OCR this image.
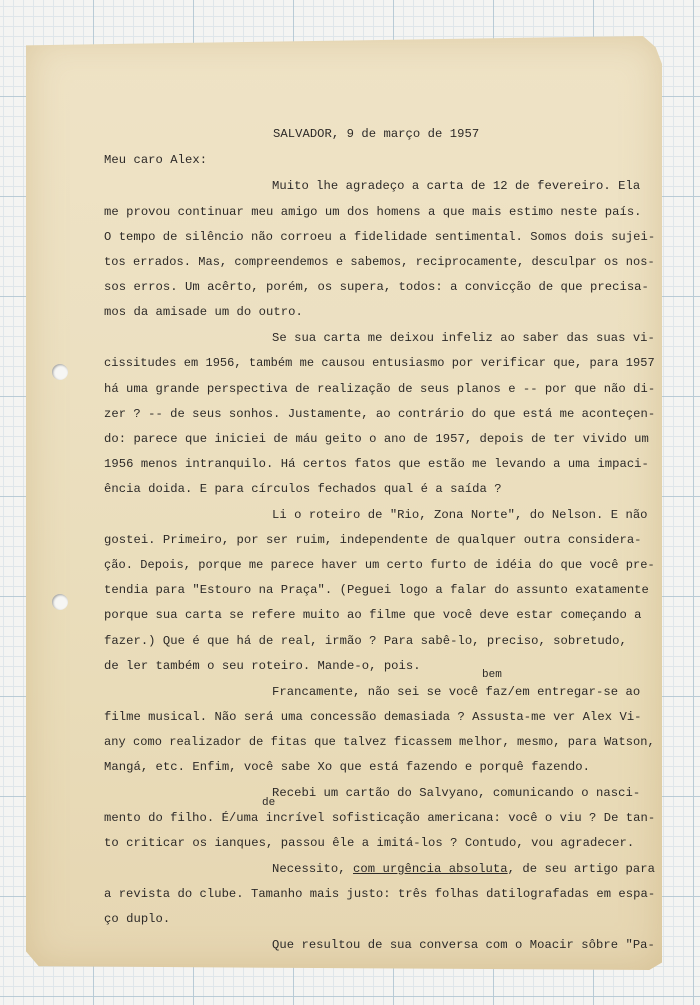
SALVADOR, 9 de março de 1957

Meu caro Alex:

Muito lhe agradeço a carta de 12 de fevereiro. Ela

me provou continuar meu amigo um dos homens a que mais estimo neste país.

O tempo de silêncio não corroeu a fidelidade sentimental. Somos dois sujei-

tos errados. Mas, compreendemos e sabemos, reciprocamente, desculpar os nos-

sos erros. Um acêrto, porém, os supera, todos: a convicção de que precisa-

mos da amisade um do outro.

Se sua carta me deixou infeliz ao saber das suas vi-

cissitudes em 1956, também me causou entusiasmo por verificar que, para 1957

há uma grande perspectiva de realização de seus planos e -- por que não di-

zer ? -- de seus sonhos. Justamente, ao contrário do que está me aconteçen-

do: parece que iniciei de máu geito o ano de 1957, depois de ter vivido um

1956 menos intranquilo. Há certos fatos que estão me levando a uma impaci-

ência doida. E para círculos fechados qual é a saída ?

Li o roteiro de "Rio, Zona Norte", do Nelson. E não

gostei. Primeiro, por ser ruim, independente de qualquer outra considera-

ção. Depois, porque me parece haver um certo furto de idéia do que você pre-

tendia para "Estouro na Praça". (Peguei logo a falar do assunto exatamente

porque sua carta se refere muito ao filme que você deve estar começando a

fazer.) Que é que há de real, irmão ? Para sabê-lo, preciso, sobretudo,

de ler também o seu roteiro. Mande-o, pois.

bem

Francamente, não sei se você faz/em entregar-se ao

filme musical. Não será uma concessão demasiada ? Assusta-me ver Alex Vi-

any como realizador de fitas que talvez ficassem melhor, mesmo, para Watson,

Mangá, etc. Enfim, você sabe Xo que está fazendo e porquê fazendo.

Recebi um cartão do Salvyano, comunicando o nasci-

de

mento do filho. É/uma incrível sofisticação americana: você o viu ? De tan-

to criticar os ianques, passou êle a imitá-los ? Contudo, vou agradecer.

Necessito, com urgência absoluta, de seu artigo para

a revista do clube. Tamanho mais justo: três folhas datilografadas em espa-

ço duplo.

Que resultou de sua conversa com o Moacir sôbre "Pa-
